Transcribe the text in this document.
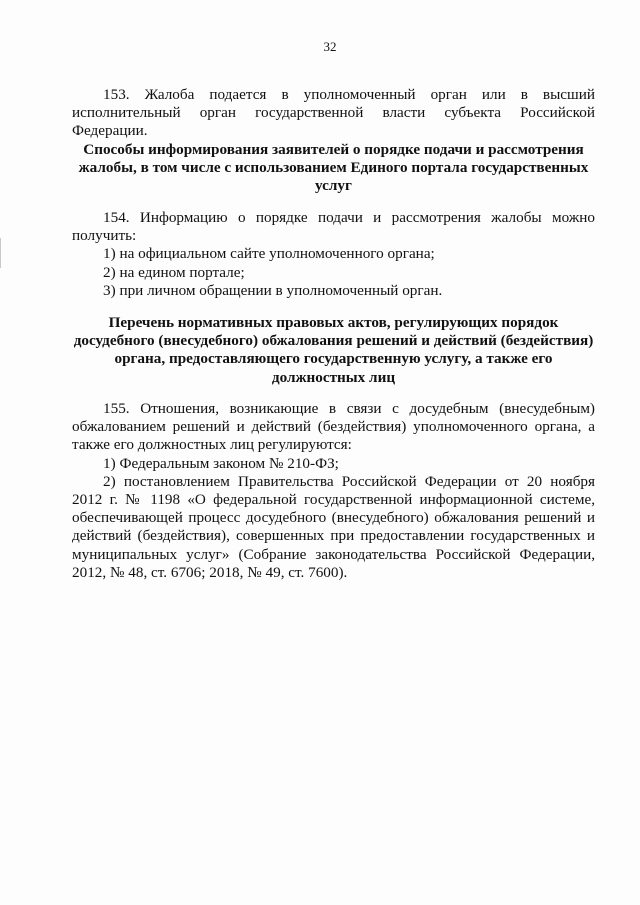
32

153. Жалоба подается в уполномоченный орган или в высший исполнительный орган государственной власти субъекта Российской Федерации.

Способы информирования заявителей о порядке подачи и рассмотрения жалобы, в том числе с использованием Единого портала государственных услуг

154. Информацию о порядке подачи и рассмотрения жалобы можно получить:

1) на официальном сайте уполномоченного органа;

2) на едином портале;

3) при личном обращении в уполномоченный орган.

Перечень нормативных правовых актов, регулирующих порядок досудебного (внесудебного) обжалования решений и действий (бездействия) органа, предоставляющего государственную услугу, а также его должностных лиц

155. Отношения, возникающие в связи с досудебным (внесудебным) обжалованием решений и действий (бездействия) уполномоченного органа, а также его должностных лиц регулируются:

1) Федеральным законом № 210-ФЗ;

2) постановлением Правительства Российской Федерации от 20 ноября 2012 г. № 1198 «О федеральной государственной информационной системе, обеспечивающей процесс досудебного (внесудебного) обжалования решений и действий (бездействия), совершенных при предоставлении государственных и муниципальных услуг» (Собрание законодательства Российской Федерации, 2012, № 48, ст. 6706; 2018, № 49, ст. 7600).
